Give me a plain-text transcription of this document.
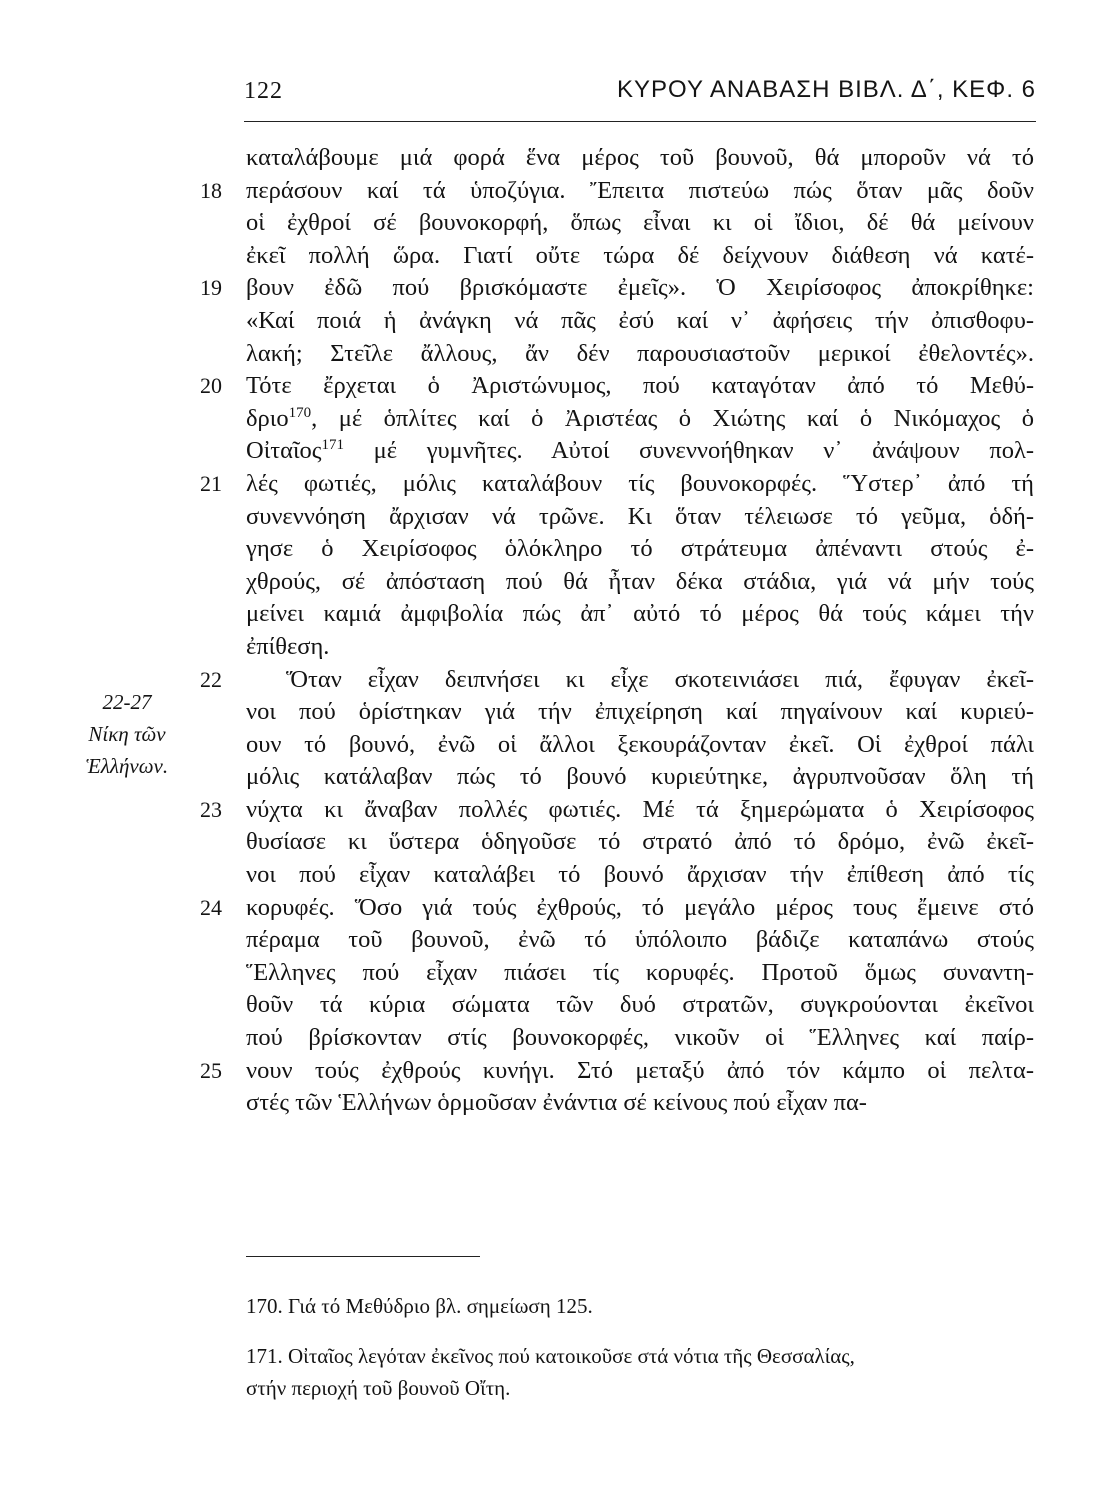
122	ΚΥΡΟΥ ΑΝΑΒΑΣΗ ΒΙΒΛ. Δ΄, ΚΕΦ. 6
22-27
Νίκη τῶν
Ἑλλήνων.
καταλάβουμε μιά φορά ἕνα μέρος τοῦ βουνοῦ, θά μποροῦν νά τό
18 περάσουν καί τά ὑποζύγια. Ἔπειτα πιστεύω πώς ὅταν μᾶς δοῦν
οἱ ἐχθροί σέ βουνοκορφή, ὅπως εἶναι κι οἱ ἴδιοι, δέ θά μείνουν
ἐκεῖ πολλή ὥρα. Γιατί οὔτε τώρα δέ δείχνουν διάθεση νά κατέ-
19 βουν ἐδῶ πού βρισκόμαστε ἐμεῖς». Ὁ Χειρίσοφος ἀποκρίθηκε:
«Καί ποιά ἡ ἀνάγκη νά πᾶς ἐσύ καί ν᾽ ἀφήσεις τήν ὀπισθοφυ-
λακή; Στεῖλε ἄλλους, ἄν δέν παρουσιαστοῦν μερικοί ἐθελοντές».
20 Τότε ἔρχεται ὁ Ἀριστώνυμος, πού καταγόταν ἀπό τό Μεθύ-
δριο$^{170}$, μέ ὁπλίτες καί ὁ Ἀριστέας ὁ Χιώτης καί ὁ Νικόμαχος ὁ
Οἰταῖος$^{171}$ μέ γυμνῆτες. Αὐτοί συνεννοήθηκαν ν᾽ ἀνάψουν πολ-
21 λές φωτιές, μόλις καταλάβουν τίς βουνοκορφές. Ὕστερ᾽ ἀπό τή
συνεννόηση ἄρχισαν νά τρῶνε. Κι ὅταν τέλειωσε τό γεῦμα, ὁδή-
γησε ὁ Χειρίσοφος ὁλόκληρο τό στράτευμα ἀπέναντι στούς ἐ-
χθρούς, σέ ἀπόσταση πού θά ἦταν δέκα στάδια, γιά νά μήν τούς
μείνει καμιά ἀμφιβολία πώς ἀπ᾽ αὐτό τό μέρος θά τούς κάμει τήν
ἐπίθεση.
22	Ὅταν εἶχαν δειπνήσει κι εἶχε σκοτεινιάσει πιά, ἔφυγαν ἐκεῖ-
νοι πού ὁρίστηκαν γιά τήν ἐπιχείρηση καί πηγαίνουν καί κυριεύ-
ουν τό βουνό, ἐνῶ οἱ ἄλλοι ξεκουράζονταν ἐκεῖ. Οἱ ἐχθροί πάλι
μόλις κατάλαβαν πώς τό βουνό κυριεύτηκε, ἀγρυπνοῦσαν ὅλη τή
23 νύχτα κι ἄναβαν πολλές φωτιές. Μέ τά ξημερώματα ὁ Χειρίσοφος
θυσίασε κι ὕστερα ὁδηγοῦσε τό στρατό ἀπό τό δρόμο, ἐνῶ ἐκεῖ-
νοι πού εἶχαν καταλάβει τό βουνό ἄρχισαν τήν ἐπίθεση ἀπό τίς
24 κορυφές. Ὅσο γιά τούς ἐχθρούς, τό μεγάλο μέρος τους ἔμεινε στό
πέραμα τοῦ βουνοῦ, ἐνῶ τό ὑπόλοιπο βάδιζε καταπάνω στούς
Ἕλληνες πού εἶχαν πιάσει τίς κορυφές. Προτοῦ ὅμως συναντη-
θοῦν τά κύρια σώματα τῶν δυό στρατῶν, συγκρούονται ἐκεῖνοι
πού βρίσκονταν στίς βουνοκορφές, νικοῦν οἱ Ἕλληνες καί παίρ-
25 νουν τούς ἐχθρούς κυνήγι. Στό μεταξύ ἀπό τόν κάμπο οἱ πελτα-
στές τῶν Ἑλλήνων ὁρμοῦσαν ἐνάντια σέ κείνους πού εἶχαν πα-
170. Γιά τό Μεθύδριο βλ. σημείωση 125.
171. Οἰταῖος λεγόταν ἐκεῖνος πού κατοικοῦσε στά νότια τῆς Θεσσαλίας,
στήν περιοχή τοῦ βουνοῦ Οἴτη.
